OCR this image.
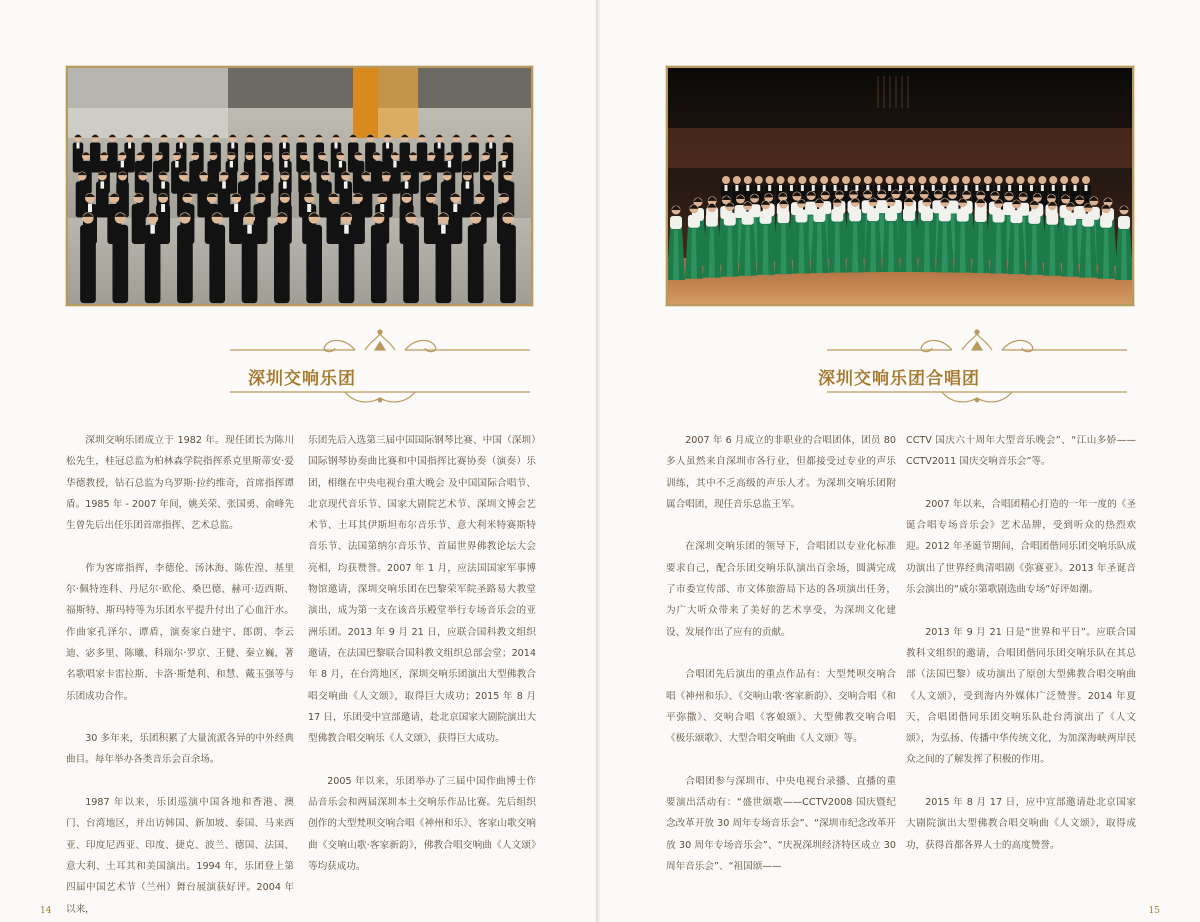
深圳交响乐团

深圳交响乐团成立于 1982 年。现任团长为陈川松先生，桂冠总监为柏林森学院指挥系克里斯蒂安·爱华德教授，钻石总监为乌罗斯·拉约维奇，首席指挥谭盾。1985 年 - 2007 年间，姚关荣、张国勇、俞峰先生曾先后出任乐团首席指挥、艺术总监。

作为客席指挥，李德伦、汤沐海、陈佐湟、基里尔·佩特连科、丹尼尔·欧伦、桑巴德、赫可·迈西斯、福斯特、斯玛特等为乐团水平提升付出了心血汗水。作曲家孔泽尔、谭盾，演奏家白建宇、郎朗、李云迪、宓多里、陈曦、科瑞尔·罗京、王健、秦立巍，著名歌唱家卡雷拉斯、卡洛·斯楚利、和慧、戴玉强等与乐团成功合作。

30 多年来，乐团积累了大量流派各异的中外经典曲目。每年举办各类音乐会百余场。

1987 年以来，乐团巡演中国各地和香港、澳门、台湾地区，并出访韩国、新加坡、泰国、马来西亚、印度尼西亚、印度、捷克、波兰、德国、法国、意大利、土耳其和美国演出。1994 年，乐团登上第四届中国艺术节（兰州）舞台展演获好评。2004 年以来，

乐团先后入选第三届中国国际钢琴比赛、中国（深圳）国际钢琴协奏曲比赛和中国指挥比赛协奏（演奏）乐团，相继在中央电视台重大晚会 及中国国际合唱节、北京现代音乐节、国家大剧院艺术节、深圳文博会艺术节、土耳其伊斯坦布尔音乐节、意大利米特赛斯特音乐节、法国第纳尔音乐节、首届世界佛教论坛大会亮相，均获赞誉。2007 年 1 月，应法国国家军事博物馆邀请，深圳交响乐团在巴黎荣军院圣路易大教堂演出，成为第一支在该音乐殿堂举行专场音乐会的亚洲乐团。2013 年 9 月 21 日，应联合国科教文组织邀请，在法国巴黎联合国科教文组织总部会堂；2014 年 8 月，在台湾地区，深圳交响乐团演出大型佛教合唱交响曲《人文颂》，取得巨大成功；2015 年 8 月 17 日，乐团受中宣部邀请，赴北京国家大剧院演出大型佛教合唱交响乐《人文颂》，获得巨大成功。

2005 年以来，乐团举办了三届中国作曲博士作品音乐会和两届深圳本土交响乐作品比赛。先后组织创作的大型梵呗交响合唱《神州和乐》、客家山歌交响曲《交响山歌·客家新韵》，佛教合唱交响曲《人文颂》等均获成功。

14
深圳交响乐团合唱团

2007 年 6 月成立的非职业的合唱团体，团员 80 多人虽然来自深圳市各行业，但都接受过专业的声乐训练，其中不乏高级的声乐人才。为深圳交响乐团附属合唱团，现任音乐总监王军。

在深圳交响乐团的领导下，合唱团以专业化标准要求自己，配合乐团交响乐队演出百余场，圆满完成了市委宣传部、市文体旅游局下达的各项演出任务，为广大听众带来了美好的艺术享受，为深圳文化建设、发展作出了应有的贡献。

合唱团先后演出的重点作品有：大型梵呗交响合唱《神州和乐》、《交响山歌·客家新韵》、交响合唱《和平弥撒》、交响合唱《客娘颂》、大型佛教交响合唱《极乐颂歌》、大型合唱交响曲《人文颂》等。

合唱团参与深圳市、中央电视台录播、直播的重要演出活动有：“盛世颂歌——CCTV2008 国庆暨纪念改革开放 30 周年专场音乐会”、“深圳市纪念改革开放 30 周年专场音乐会”、“庆祝深圳经济特区成立 30 周年音乐会”、“祖国颂——

CCTV 国庆六十周年大型音乐晚会”、“江山多娇——CCTV2011 国庆交响音乐会”等。

2007 年以来，合唱团精心打造的一年一度的《圣诞合唱专场音乐会》艺术品牌，受到听众的热烈欢迎。2012 年圣诞节期间，合唱团偕同乐团交响乐队成功演出了世界经典清唱剧《弥赛亚》。2013 年圣诞音乐会演出的“威尔第歌剧选曲专场”好评如潮。

2013 年 9 月 21 日是“世界和平日”。应联合国教科文组织的邀请，合唱团偕同乐团交响乐队在其总部（法国巴黎）成功演出了原创大型佛教合唱交响曲《人文颂》，受到海内外媒体广泛赞誉。2014 年夏天，合唱团偕同乐团交响乐队赴台湾演出了《人文颂》，为弘扬、传播中华传统文化，为加深海峡两岸民众之间的了解发挥了积极的作用。

2015 年 8 月 17 日，应中宣部邀请赴北京国家大剧院演出大型佛教合唱交响曲《人文颂》，取得成功，获得首都各界人士的高度赞誉。

15
